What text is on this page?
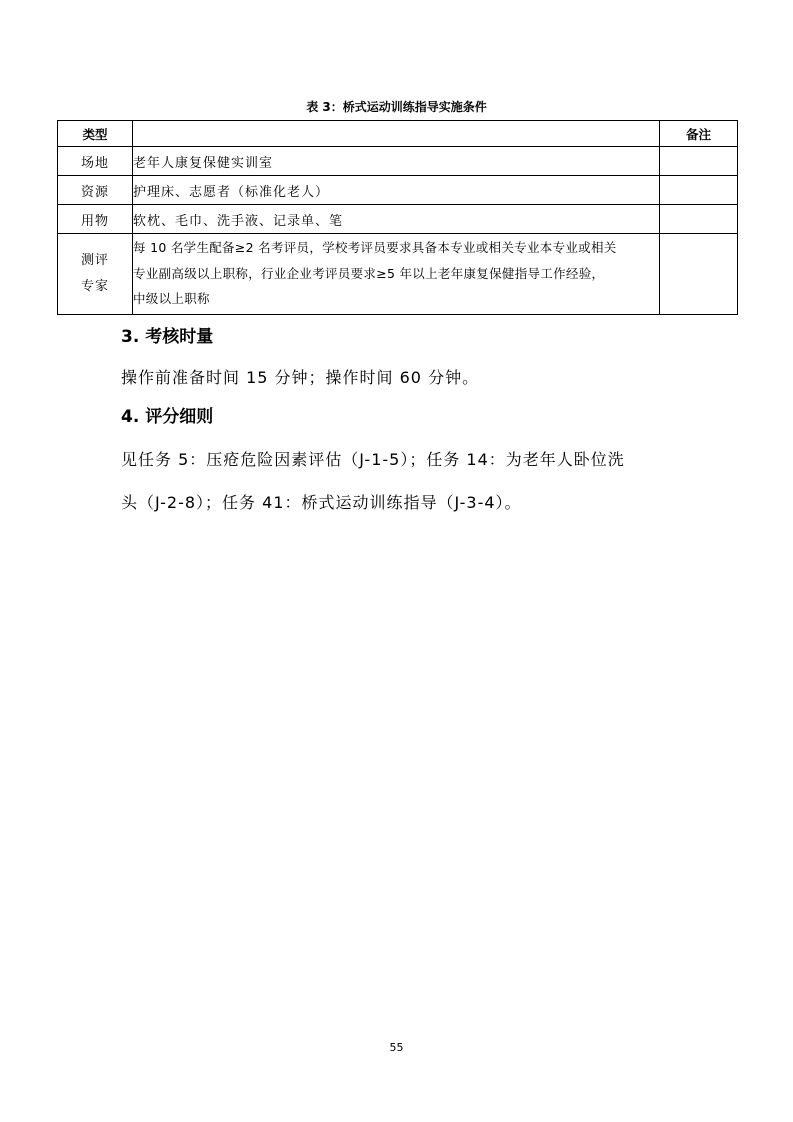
表 3：桥式运动训练指导实施条件
类型		备注
场地	老年人康复保健实训室	
资源	护理床、志愿者（标准化老人）	
用物	软枕、毛巾、洗手液、记录单、笔	

测评
专家	每 10 名学生配备≥2 名考评员，学校考评员要求具备本专业或相关专业本专业或相关
专业副高级以上职称，行业企业考评员要求≥5 年以上老年康复保健指导工作经验，
中级以上职称	

3. 考核时量
操作前准备时间 15 分钟；操作时间 60 分钟。
4. 评分细则
见任务 5：压疮危险因素评估（J-1-5）；任务 14：为老年人卧位洗
头（J-2-8）；任务 41：桥式运动训练指导（J-3-4）。
55
